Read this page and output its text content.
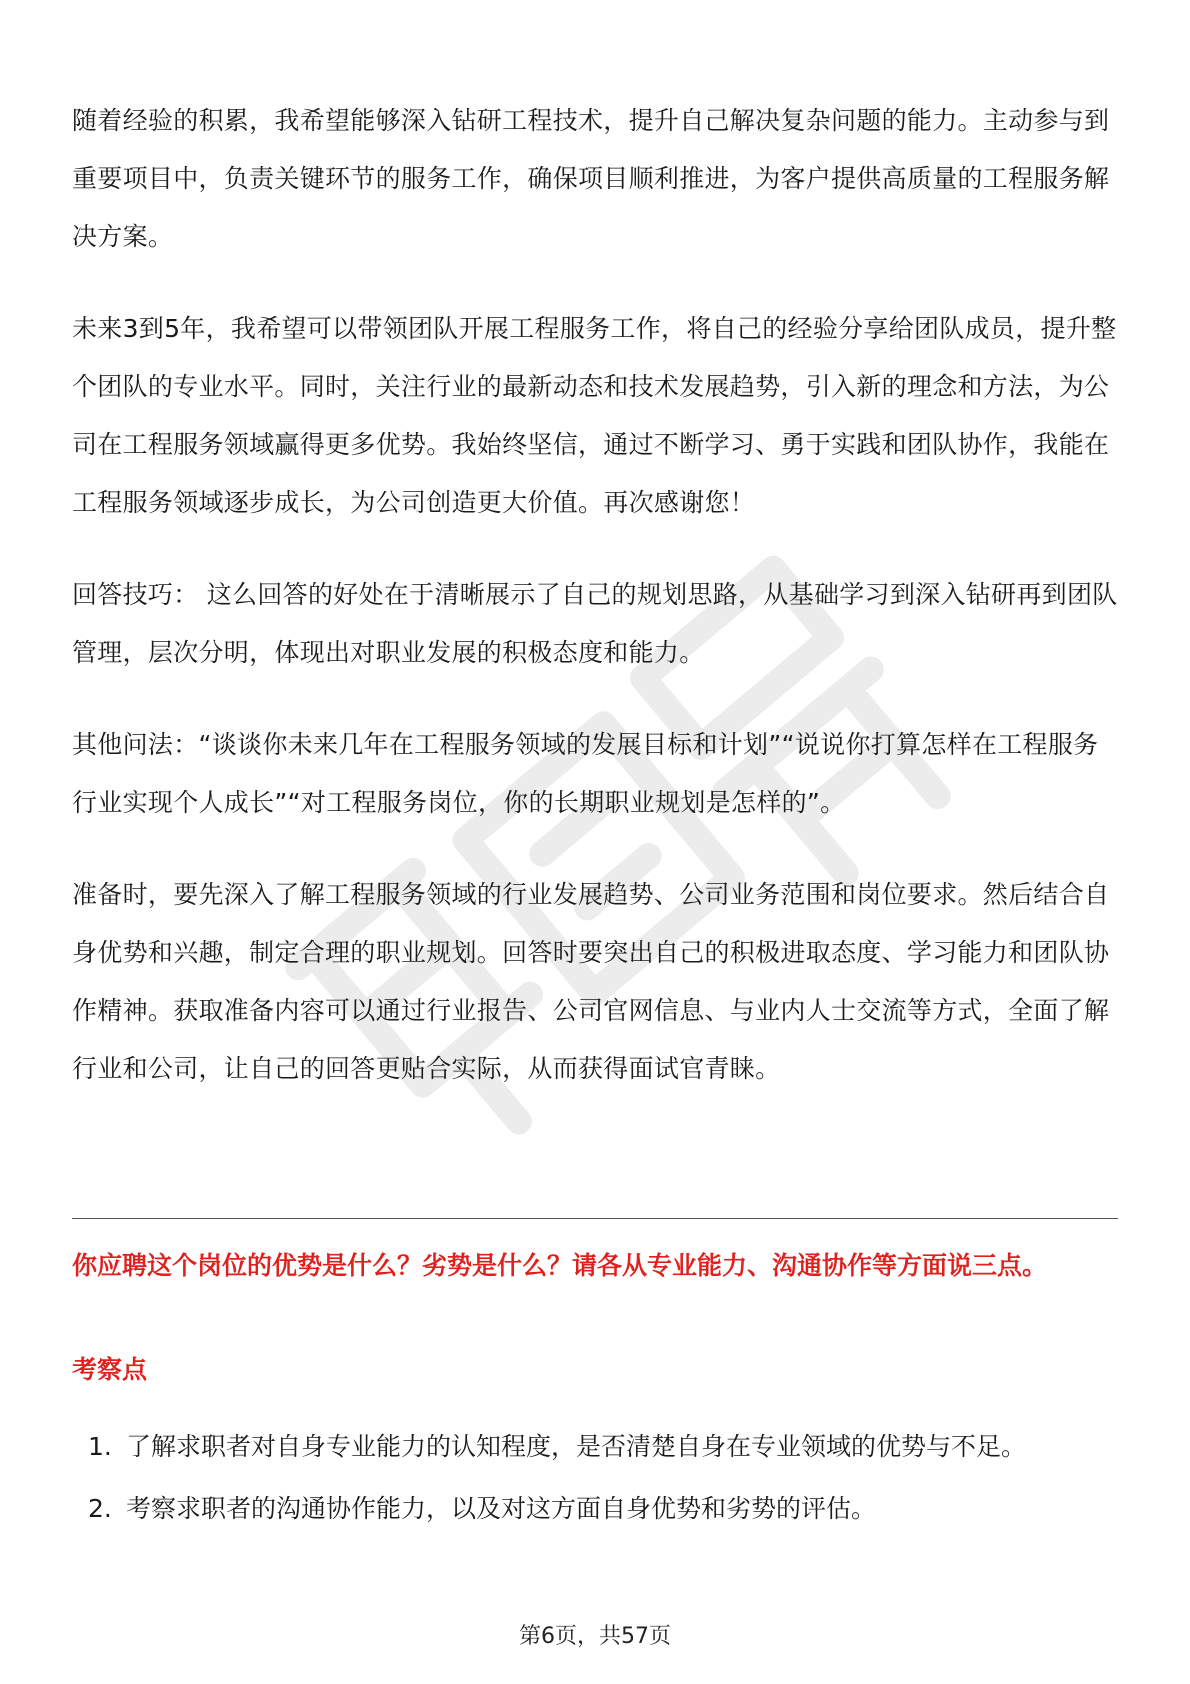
随着经验的积累，我希望能够深入钻研工程技术，提升自己解决复杂问题的能力。主动参与到重要项目中，负责关键环节的服务工作，确保项目顺利推进，为客户提供高质量的工程服务解决方案。

未来3到5年，我希望可以带领团队开展工程服务工作，将自己的经验分享给团队成员，提升整个团队的专业水平。同时，关注行业的最新动态和技术发展趋势，引入新的理念和方法，为公司在工程服务领域赢得更多优势。我始终坚信，通过不断学习、勇于实践和团队协作，我能在工程服务领域逐步成长，为公司创造更大价值。再次感谢您！

回答技巧： 这么回答的好处在于清晰展示了自己的规划思路，从基础学习到深入钻研再到团队管理，层次分明，体现出对职业发展的积极态度和能力。

其他问法：“谈谈你未来几年在工程服务领域的发展目标和计划”“说说你打算怎样在工程服务行业实现个人成长”“对工程服务岗位，你的长期职业规划是怎样的”。

准备时，要先深入了解工程服务领域的行业发展趋势、公司业务范围和岗位要求。然后结合自身优势和兴趣，制定合理的职业规划。回答时要突出自己的积极进取态度、学习能力和团队协作精神。获取准备内容可以通过行业报告、公司官网信息、与业内人士交流等方式，全面了解行业和公司，让自己的回答更贴合实际，从而获得面试官青睐。

你应聘这个岗位的优势是什么？劣势是什么？请各从专业能力、沟通协作等方面说三点。
考察点
1. 了解求职者对自身专业能力的认知程度，是否清楚自身在专业领域的优势与不足。
2. 考察求职者的沟通协作能力，以及对这方面自身优势和劣势的评估。
第6页，共57页
